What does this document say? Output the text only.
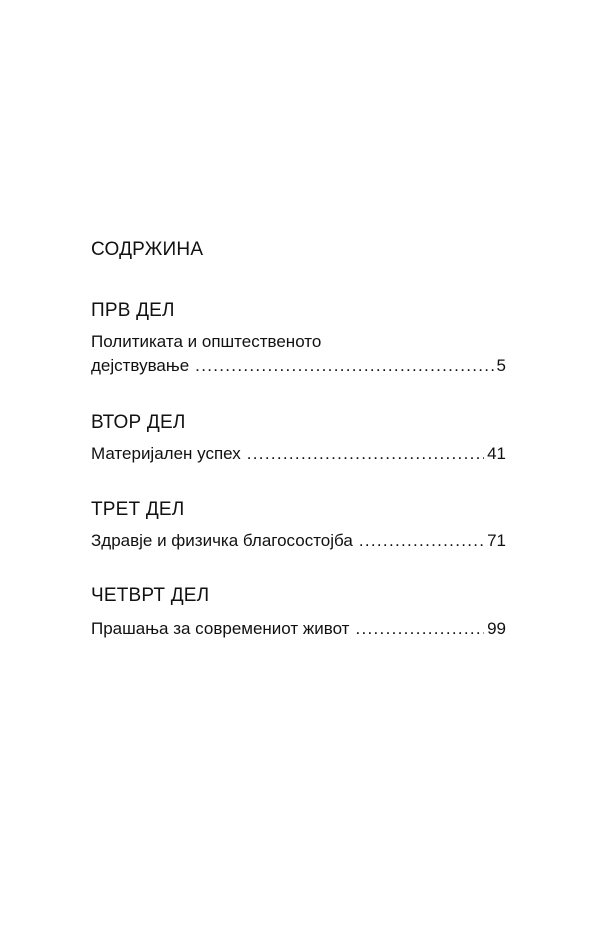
СОДРЖИНА
ПРВ ДЕЛ
Политиката и општественото
дејствување .....	5
ВТОР ДЕЛ
Материјален успех .....	41
ТРЕТ ДЕЛ
Здравје и физичка благосостојба .....	71
ЧЕТВРТ ДЕЛ
Прашања за современиот живот .....	99
